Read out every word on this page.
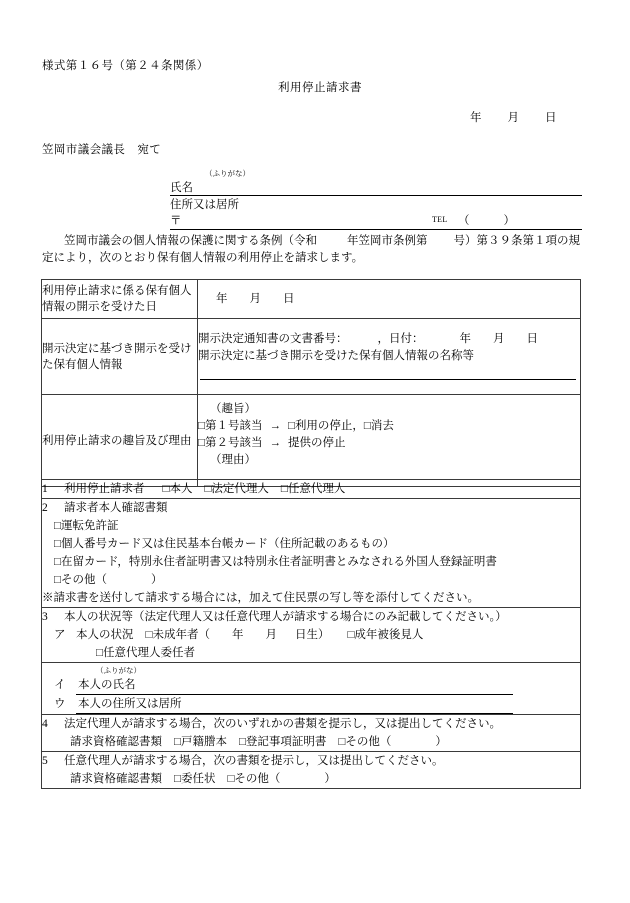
様式第１６号（第２４条関係）
利用停止請求書
年 月 日
笠岡市議会議長 宛て
（ふりがな）
氏名
住所又は居所
〒	TEL （	）
笠岡市議会の個人情報の保護に関する条例（令和	年笠岡市条例第 号）第３９条第１項の規定により，次のとおり保有個人情報の利用停止を請求します。
利用停止請求に係る保有個人情報の開示を受けた日	年 月 日
開示決定に基づき開示を受けた保有個人情報	開示決定通知書の文書番号： ，日付： 年 月 日
開示決定に基づき開示を受けた保有個人情報の名称等

利用停止請求の趣旨及び理由	（趣旨）
□第１号該当 → □利用の停止，□消去
□第２号該当 → 提供の停止
（理由）
1 利用停止請求者 □本人 □法定代理人 □任意代理人

2 請求者本人確認書類
□運転免許証
□個人番号カード又は住民基本台帳カード（住所記載のあるもの）
□在留カード，特別永住者証明書又は特別永住者証明書とみなされる外国人登録証明書
□その他（	）
※請求書を送付して請求する場合には，加えて住民票の写し等を添付してください。

3 本人の状況等（法定代理人又は任意代理人が請求する場合にのみ記載してください。）
ア 本人の状況 □未成年者（ 年 月 日生） □成年被後見人
□任意代理人委任者

（ふりがな）
イ 本人の氏名
ウ 本人の住所又は居所

4 法定代理人が請求する場合，次のいずれかの書類を提示し，又は提出してください。
請求資格確認書類 □戸籍謄本 □登記事項証明書 □その他（	）

5 任意代理人が請求する場合，次の書類を提示し，又は提出してください。
請求資格確認書類 □委任状 □その他（	）
